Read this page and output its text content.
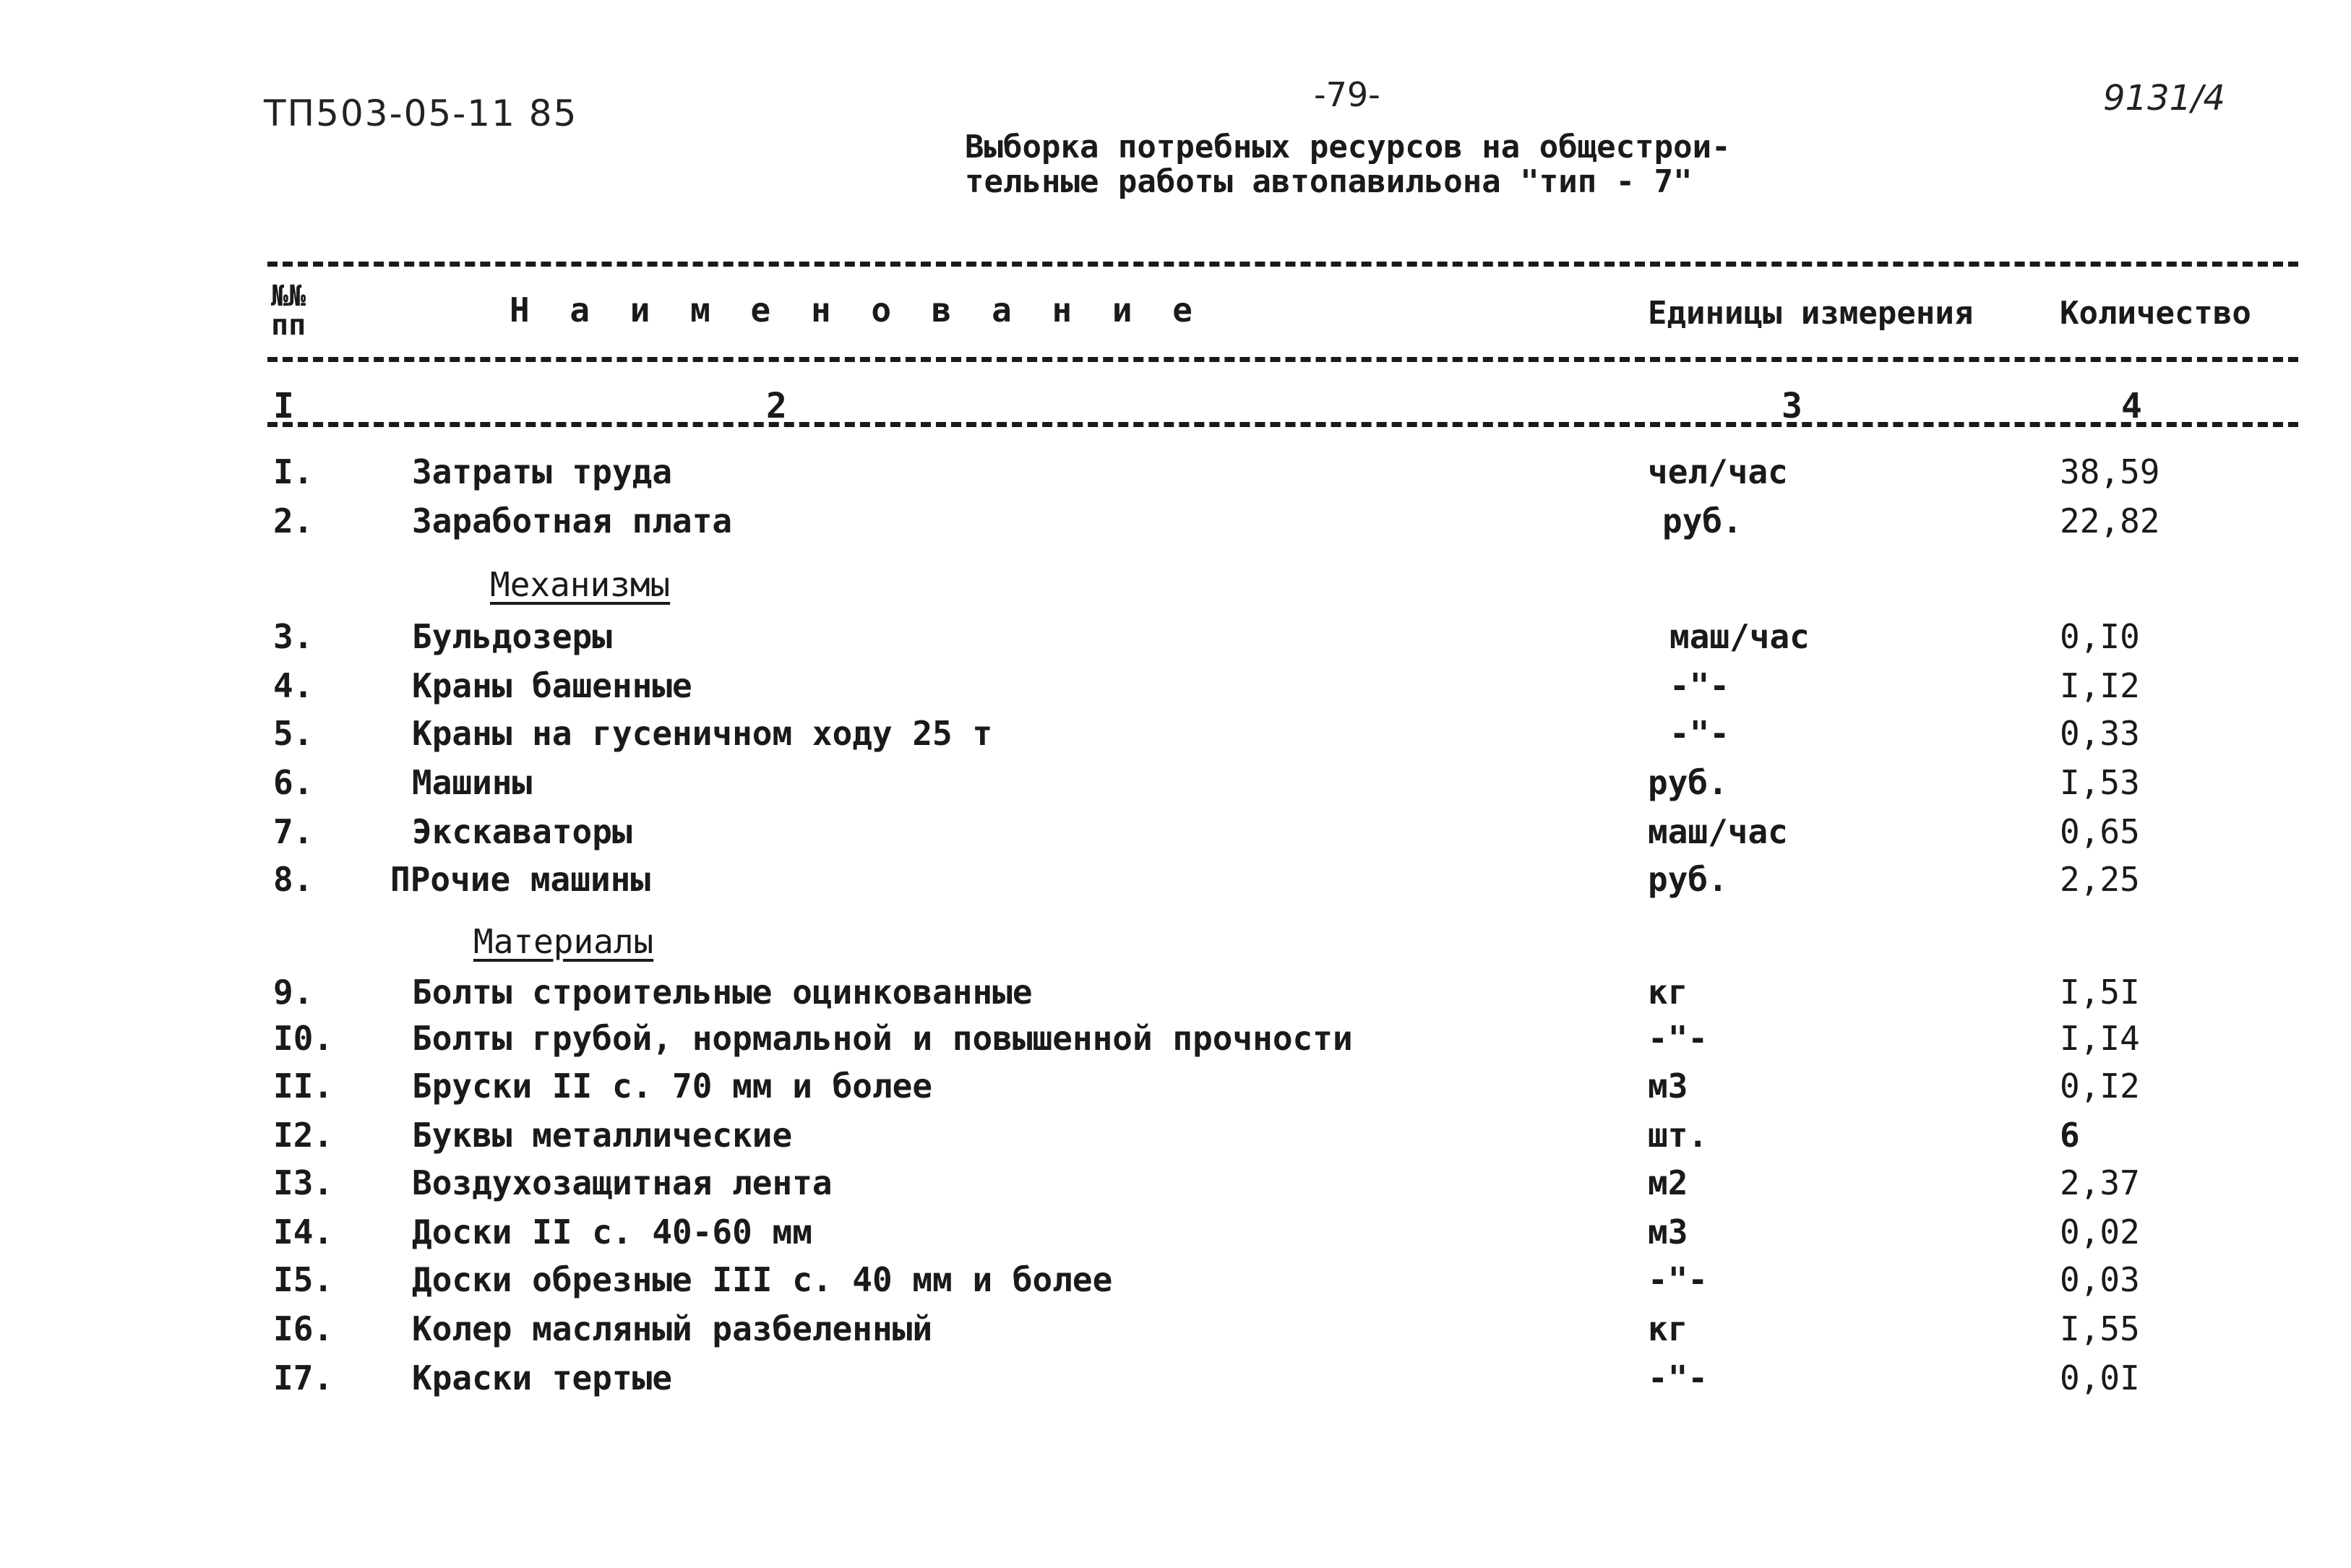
ТП503-05-11 85	-79-	9131/4
Выборка потребных ресурсов на общестрои-
тельные работы автопавильона "тип - 7"
№№ пп	Н а и м е н о в а н и е	Единицы измерения	Количество
I	2	3	4
I.	Затраты труда	чел/час	38,59
2.	Заработная плата	руб.	22,82
Механизмы
3.	Бульдозеры	маш/час	0,I0
4.	Краны башенные	-"-	I,I2
5.	Краны на гусеничном ходу 25 т	-"-	0,33
6.	Машины	руб.	I,53
7.	Экскаваторы	маш/час	0,65
8. ПРочие машины	руб.	2,25
Материалы
9.	Болты строительные оцинкованные	кг	I,5I
I0. Болты грубой, нормальной и повышенной прочности	-"-	I,I4
II. Бруски II с. 70 мм и более	м3	0,I2
I2. Буквы металлические	шт.	6
I3. Воздухозащитная лента	м2	2,37
I4. Доски II с. 40-60 мм	м3	0,02
I5. Доски обрезные III с. 40 мм и более	-"-	0,03
I6. Колер масляный разбеленный	кг	I,55
I7. Краски тертые	-"-	0,0I
